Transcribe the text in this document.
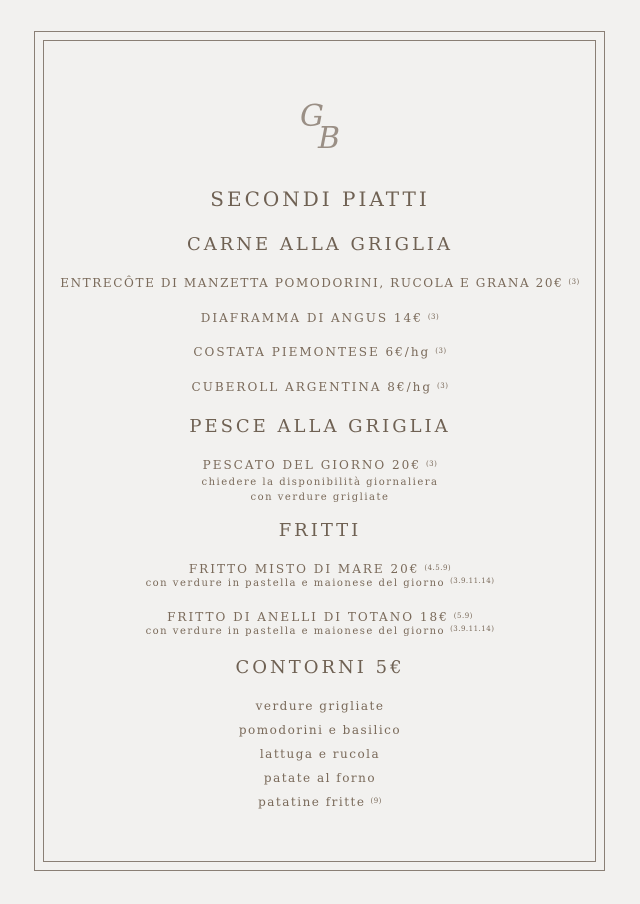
G
B
SECONDI PIATTI
CARNE ALLA GRIGLIA
ENTRECÔTE DI MANZETTA POMODORINI, RUCOLA E GRANA 20€ $^{(3)}$
DIAFRAMMA DI ANGUS 14€ $^{(3)}$
COSTATA PIEMONTESE 6€/hg $^{(3)}$
CUBEROLL ARGENTINA 8€/hg $^{(3)}$
PESCE ALLA GRIGLIA
PESCATO DEL GIORNO 20€ $^{(3)}$
chiedere la disponibilità giornaliera
con verdure grigliate
FRITTI
FRITTO MISTO DI MARE 20€ $^{(4.5.9)}$
con verdure in pastella e maionese del giorno $^{(3.9.11.14)}$
FRITTO DI ANELLI DI TOTANO 18€ $^{(5.9)}$
con verdure in pastella e maionese del giorno $^{(3.9.11.14)}$
CONTORNI 5€
verdure grigliate
pomodorini e basilico
lattuga e rucola
patate al forno
patatine fritte $^{(9)}$
